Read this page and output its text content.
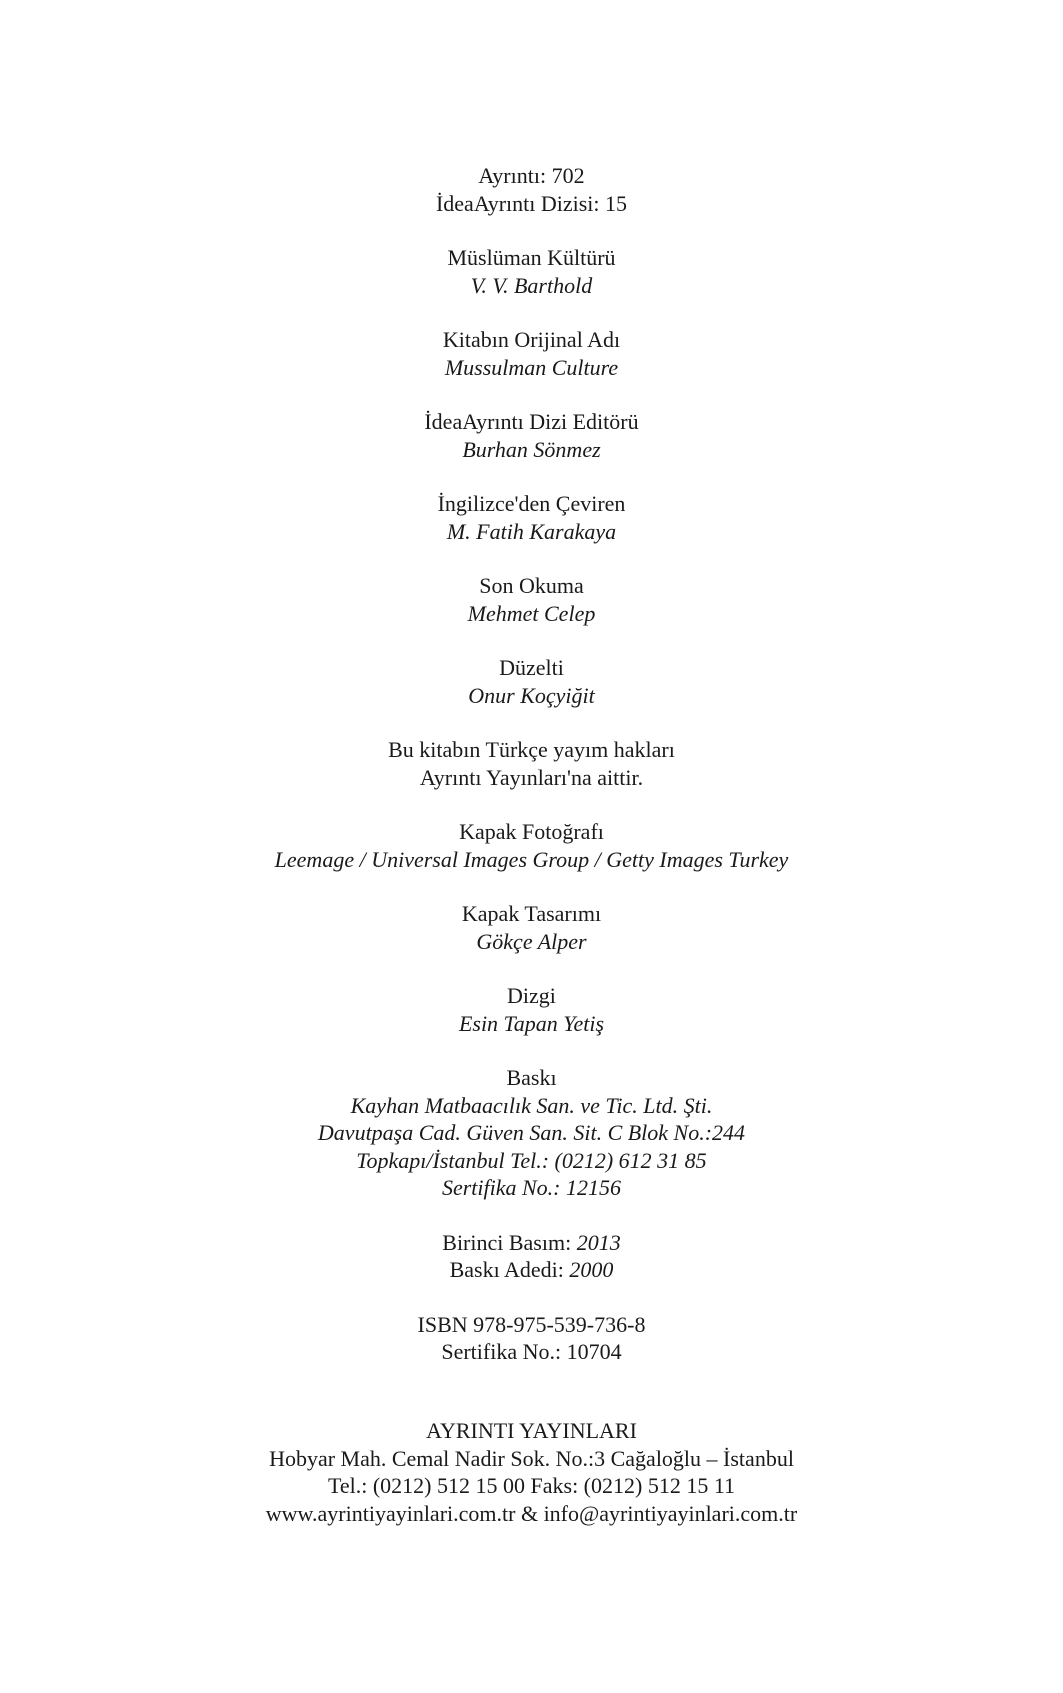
Ayrıntı: 702
İdeaAyrıntı Dizisi: 15
Müslüman Kültürü
V. V. Barthold
Kitabın Orijinal Adı
Mussulman Culture
İdeaAyrıntı Dizi Editörü
Burhan Sönmez
İngilizce'den Çeviren
M. Fatih Karakaya
Son Okuma
Mehmet Celep
Düzelti
Onur Koçyiğit
Bu kitabın Türkçe yayım hakları
Ayrıntı Yayınları'na aittir.
Kapak Fotoğrafı
Leemage / Universal Images Group / Getty Images Turkey
Kapak Tasarımı
Gökçe Alper
Dizgi
Esin Tapan Yetiş
Baskı
Kayhan Matbaacılık San. ve Tic. Ltd. Şti.
Davutpaşa Cad. Güven San. Sit. C Blok No.:244
Topkapı/İstanbul Tel.: (0212) 612 31 85
Sertifika No.: 12156
Birinci Basım: 2013
Baskı Adedi: 2000
ISBN 978-975-539-736-8
Sertifika No.: 10704
AYRINTI YAYINLARI
Hobyar Mah. Cemal Nadir Sok. No.:3 Cağaloğlu – İstanbul
Tel.: (0212) 512 15 00 Faks: (0212) 512 15 11
www.ayrintiyayinlari.com.tr & info@ayrintiyayinlari.com.tr
